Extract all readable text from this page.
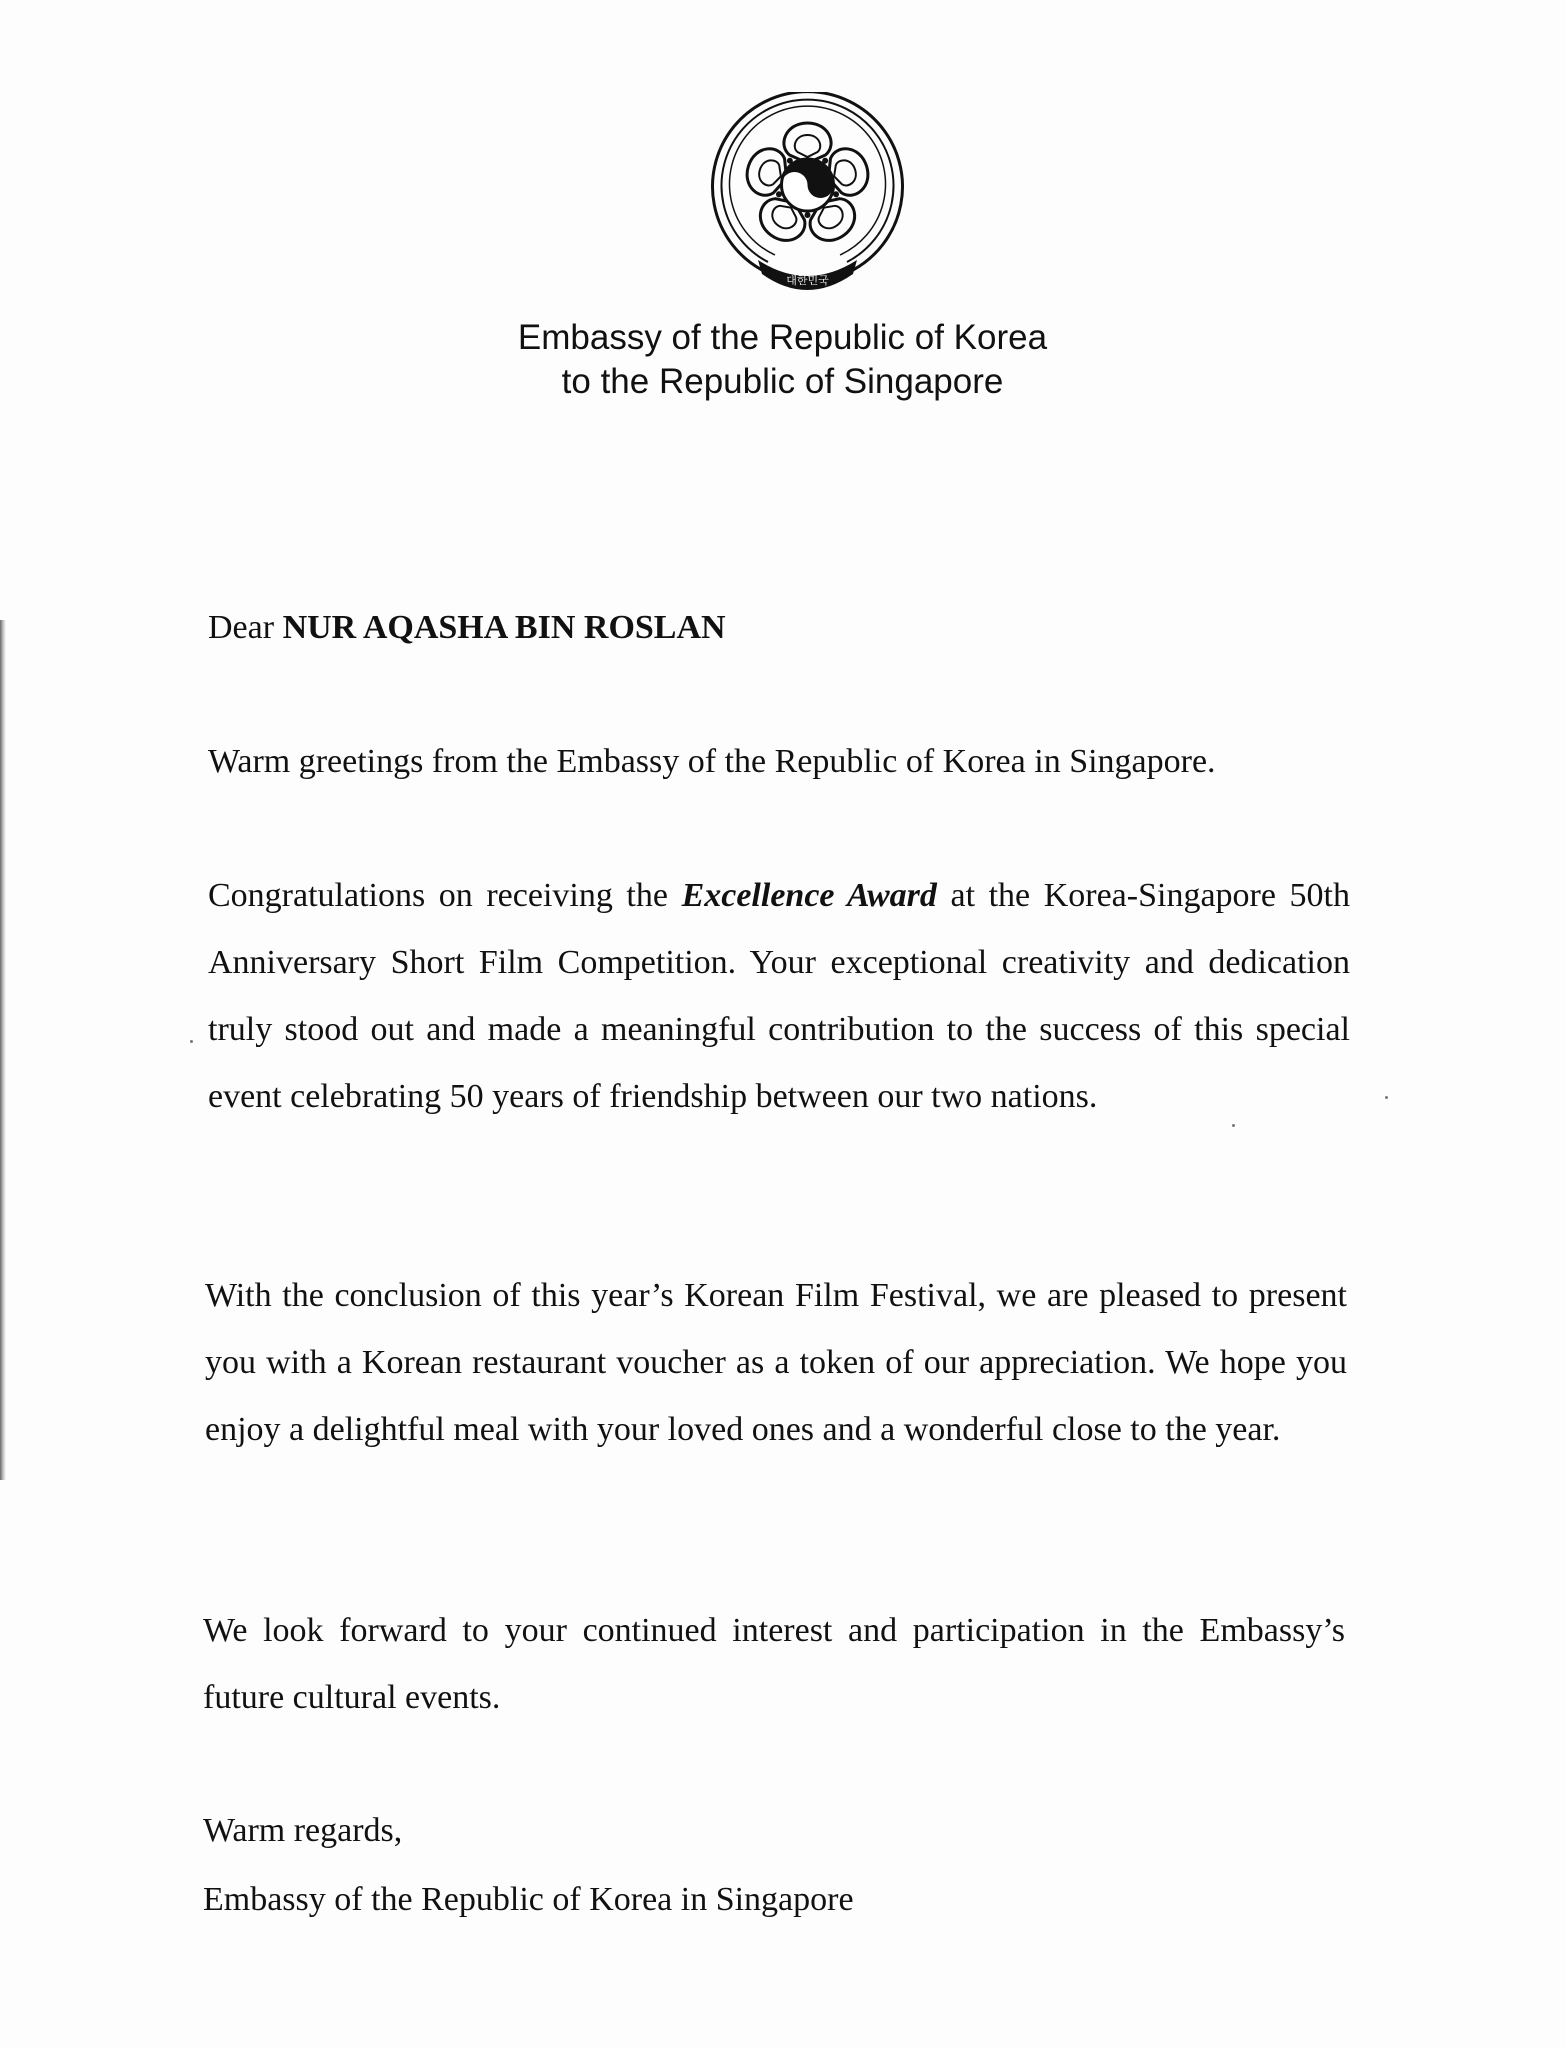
대한민국
Embassy of the Republic of Korea
to the Republic of Singapore

Dear NUR AQASHA BIN ROSLAN

Warm greetings from the Embassy of the Republic of Korea in Singapore.

Congratulations on receiving the Excellence Award at the Korea-Singapore 50th Anniversary Short Film Competition. Your exceptional creativity and dedication truly stood out and made a meaningful contribution to the success of this special event celebrating 50 years of friendship between our two nations.

With the conclusion of this year’s Korean Film Festival, we are pleased to present you with a Korean restaurant voucher as a token of our appreciation. We hope you enjoy a delightful meal with your loved ones and a wonderful close to the year.

We look forward to your continued interest and participation in the Embassy’s future cultural events.

Warm regards,
Embassy of the Republic of Korea in Singapore
